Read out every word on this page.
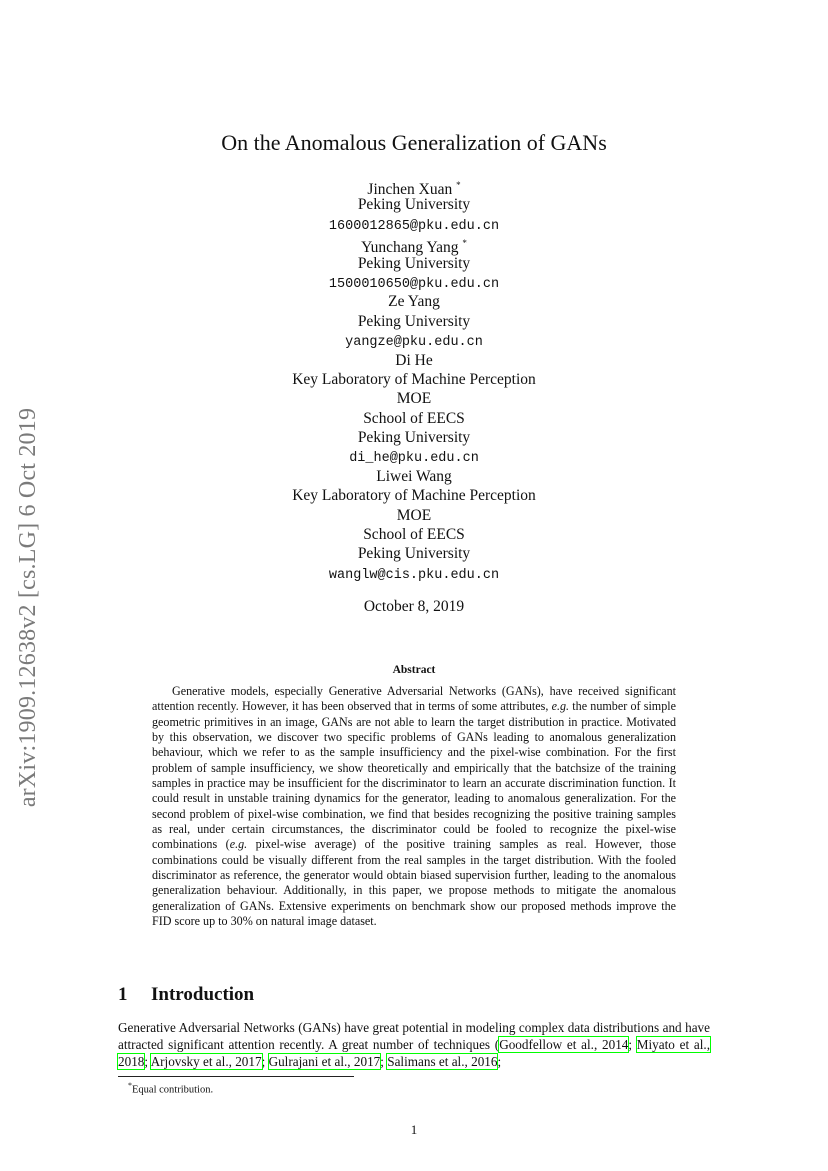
arXiv:1909.12638v2 [cs.LG] 6 Oct 2019
On the Anomalous Generalization of GANs
Jinchen Xuan *
Peking University
1600012865@pku.edu.cn
Yunchang Yang *
Peking University
1500010650@pku.edu.cn
Ze Yang
Peking University
yangze@pku.edu.cn
Di He
Key Laboratory of Machine Perception
MOE
School of EECS
Peking University
di_he@pku.edu.cn
Liwei Wang
Key Laboratory of Machine Perception
MOE
School of EECS
Peking University
wanglw@cis.pku.edu.cn
October 8, 2019
Abstract

Generative models, especially Generative Adversarial Networks (GANs), have received significant attention recently. However, it has been observed that in terms of some attributes, e.g. the number of simple geometric primitives in an image, GANs are not able to learn the target distribution in practice. Motivated by this observation, we discover two specific problems of GANs leading to anomalous generalization behaviour, which we refer to as the sample insufficiency and the pixel-wise combination. For the first problem of sample insufficiency, we show theoretically and empirically that the batchsize of the training samples in practice may be insufficient for the discriminator to learn an accurate discrimination function. It could result in unstable training dynamics for the generator, leading to anomalous generalization. For the second problem of pixel-wise combination, we find that besides recognizing the positive training samples as real, under certain circumstances, the discriminator could be fooled to recognize the pixel-wise combinations (e.g. pixel-wise average) of the positive training samples as real. However, those combinations could be visually different from the real samples in the target distribution. With the fooled discriminator as reference, the generator would obtain biased supervision further, leading to the anomalous generalization behaviour. Additionally, in this paper, we propose methods to mitigate the anomalous generalization of GANs. Extensive experiments on benchmark show our proposed methods improve the FID score up to 30% on natural image dataset.

1 Introduction

Generative Adversarial Networks (GANs) have great potential in modeling complex data distributions and have attracted significant attention recently. A great number of techniques (Goodfellow et al., 2014; Miyato et al., 2018; Arjovsky et al., 2017; Gulrajani et al., 2017; Salimans et al., 2016;

*Equal contribution.
1
